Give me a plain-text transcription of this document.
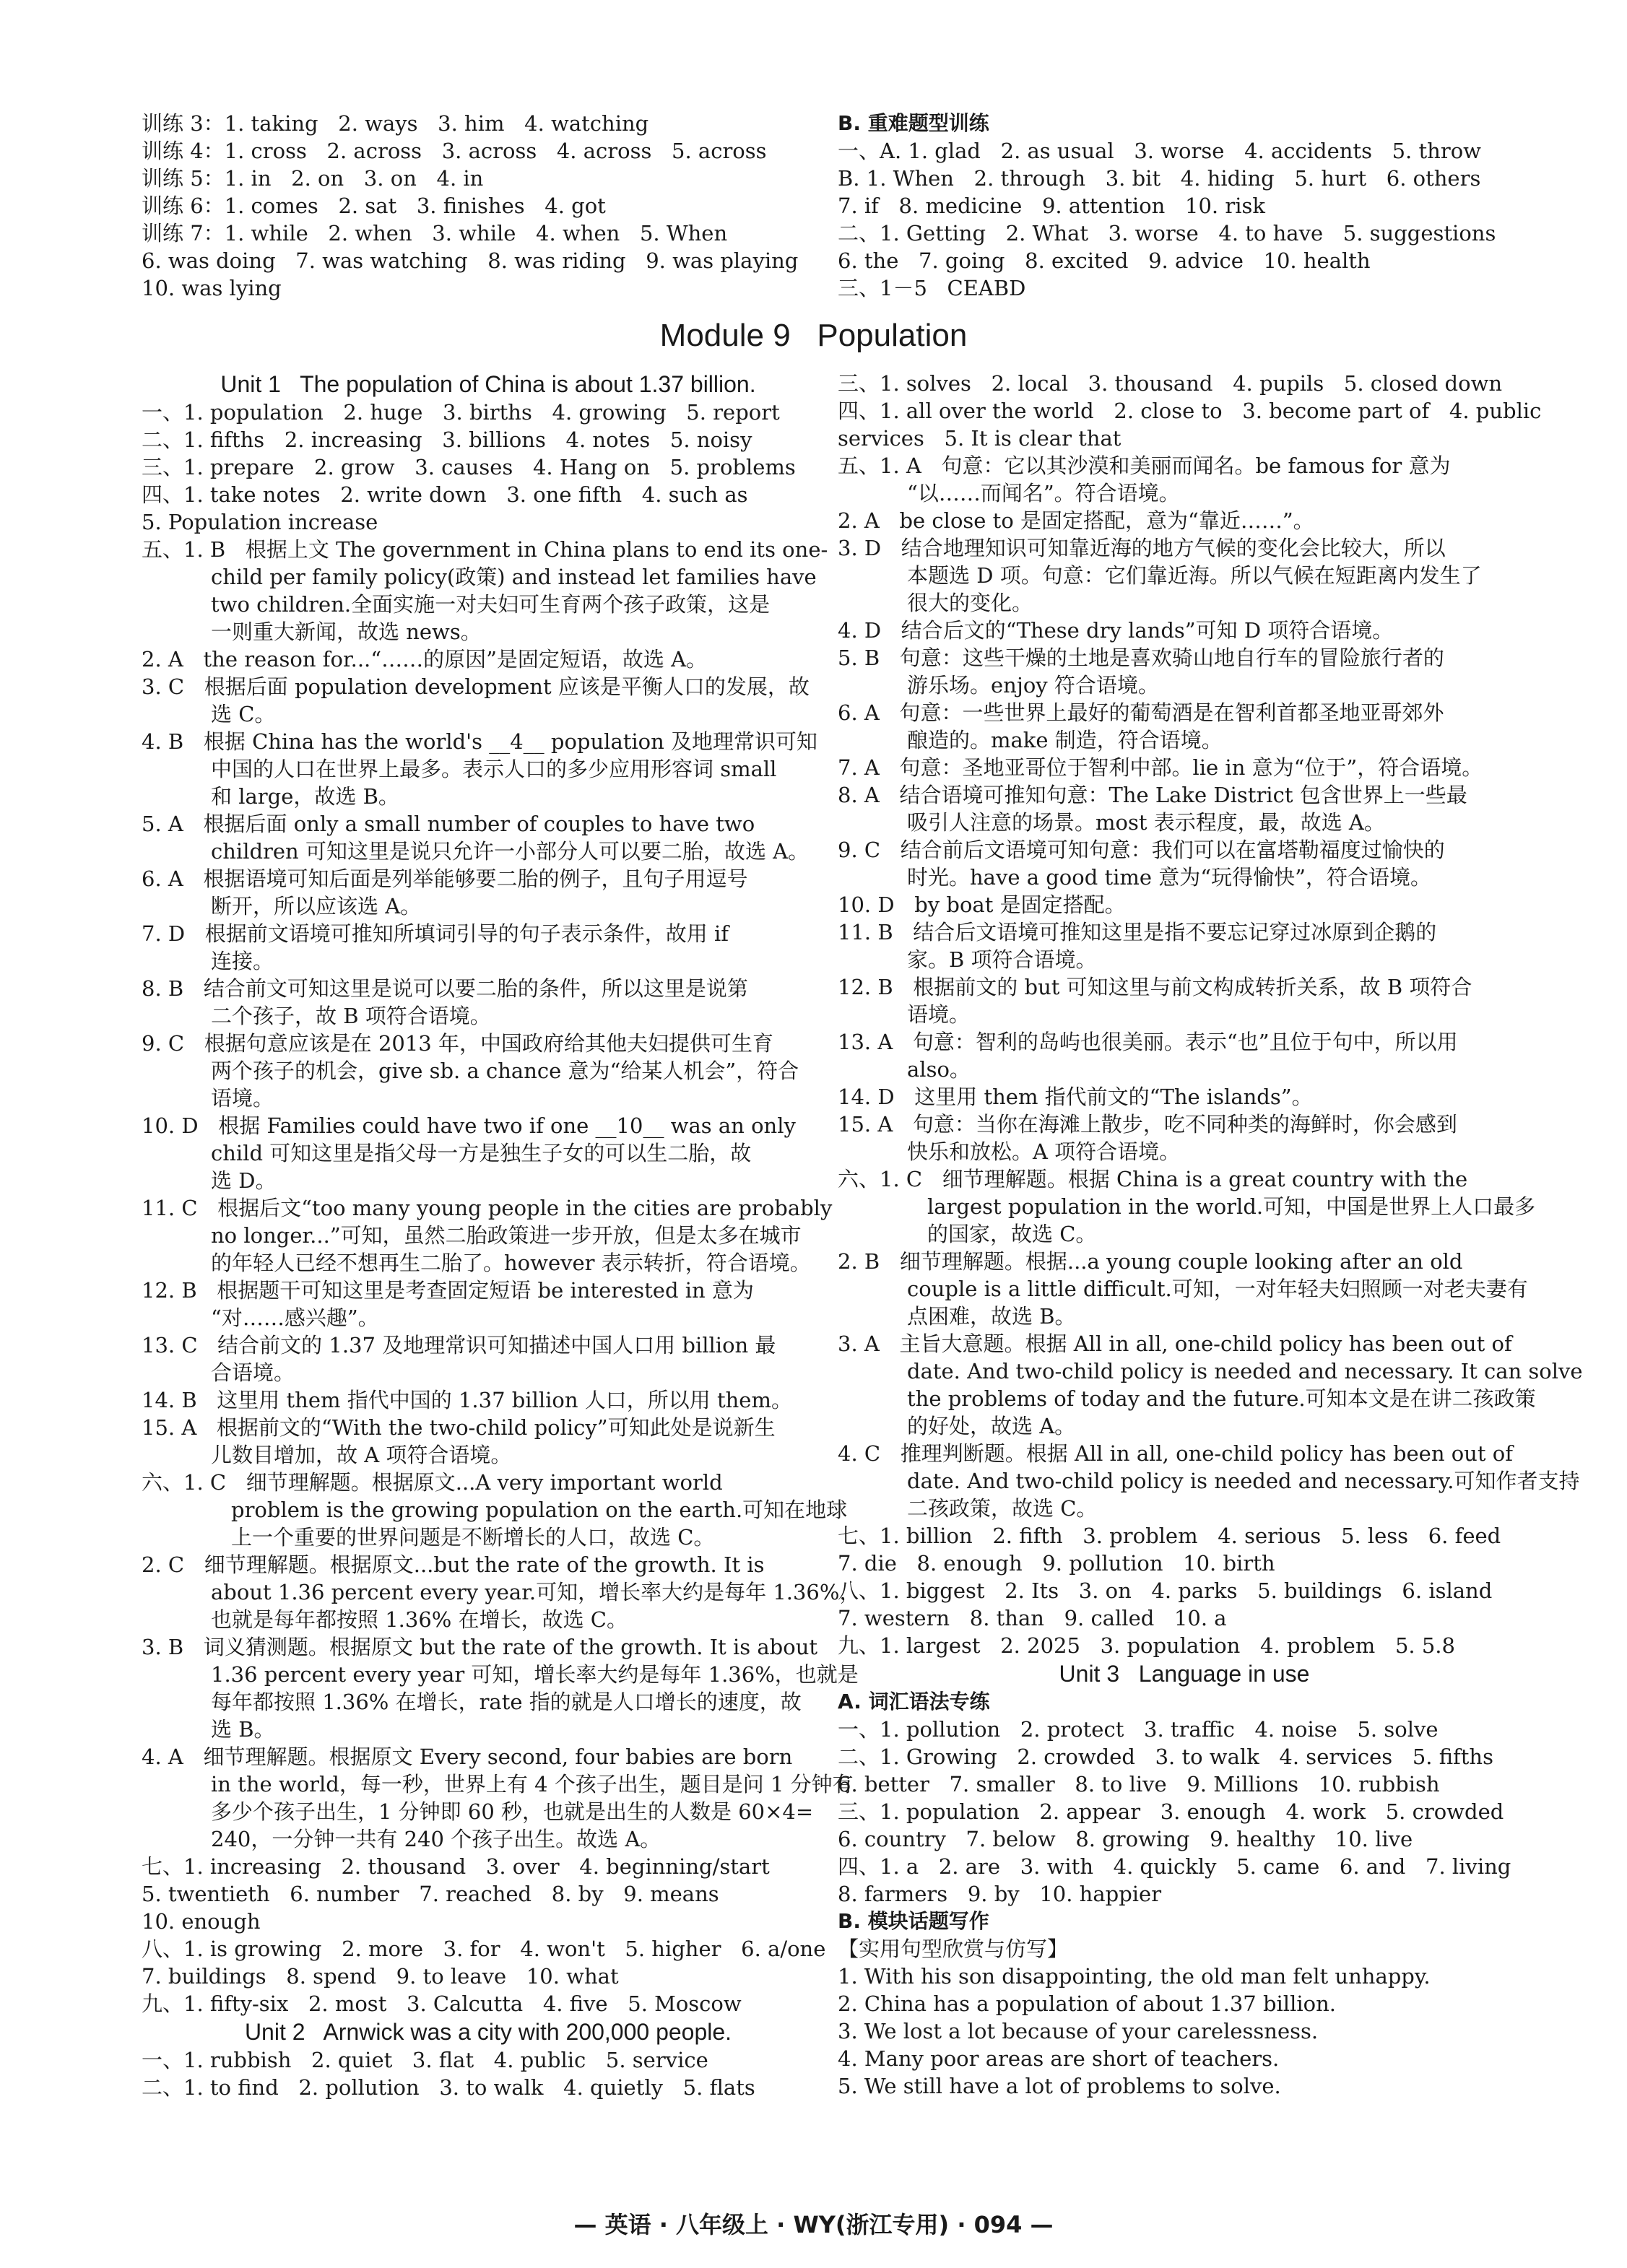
训练 3：1. taking   2. ways   3. him   4. watching
训练 4：1. cross   2. across   3. across   4. across   5. across
训练 5：1. in   2. on   3. on   4. in
训练 6：1. comes   2. sat   3. finishes   4. got
训练 7：1. while   2. when   3. while   4. when   5. When
6. was doing   7. was watching   8. was riding   9. was playing
10. was lying
B. 重难题型训练
一、A. 1. glad   2. as usual   3. worse   4. accidents   5. throw
B. 1. When   2. through   3. bit   4. hiding   5. hurt   6. others
7. if   8. medicine   9. attention   10. risk
二、1. Getting   2. What   3. worse   4. to have   5. suggestions
6. the   7. going   8. excited   9. advice   10. health
三、1－5   CEABD
Module 9   Population
Unit 1   The population of China is about 1.37 billion.
一、1. population   2. huge   3. births   4. growing   5. report
二、1. fifths   2. increasing   3. billions   4. notes   5. noisy
三、1. prepare   2. grow   3. causes   4. Hang on   5. problems
四、1. take notes   2. write down   3. one fifth   4. such as
5. Population increase
五、1. B   根据上文 The government in China plans to end its one-
child per family policy(政策) and instead let families have
two children.全面实施一对夫妇可生育两个孩子政策，这是
一则重大新闻，故选 news。
2. A   the reason for...“……的原因”是固定短语，故选 A。
3. C   根据后面 population development 应该是平衡人口的发展，故
选 C。
4. B   根据 China has the world's __4__ population 及地理常识可知
中国的人口在世界上最多。表示人口的多少应用形容词 small
和 large，故选 B。
5. A   根据后面 only a small number of couples to have two
children 可知这里是说只允许一小部分人可以要二胎，故选 A。
6. A   根据语境可知后面是列举能够要二胎的例子，且句子用逗号
断开，所以应该选 A。
7. D   根据前文语境可推知所填词引导的句子表示条件，故用 if
连接。
8. B   结合前文可知这里是说可以要二胎的条件，所以这里是说第
二个孩子，故 B 项符合语境。
9. C   根据句意应该是在 2013 年，中国政府给其他夫妇提供可生育
两个孩子的机会，give sb. a chance 意为“给某人机会”，符合
语境。
10. D   根据 Families could have two if one __10__ was an only
child 可知这里是指父母一方是独生子女的可以生二胎，故
选 D。
11. C   根据后文“too many young people in the cities are probably
no longer...”可知，虽然二胎政策进一步开放，但是太多在城市
的年轻人已经不想再生二胎了。however 表示转折，符合语境。
12. B   根据题干可知这里是考查固定短语 be interested in 意为
“对……感兴趣”。
13. C   结合前文的 1.37 及地理常识可知描述中国人口用 billion 最
合语境。
14. B   这里用 them 指代中国的 1.37 billion 人口，所以用 them。
15. A   根据前文的“With the two-child policy”可知此处是说新生
儿数目增加，故 A 项符合语境。
六、1. C   细节理解题。根据原文...A very important world
problem is the growing population on the earth.可知在地球
上一个重要的世界问题是不断增长的人口，故选 C。
2. C   细节理解题。根据原文...but the rate of the growth. It is
about 1.36 percent every year.可知，增长率大约是每年 1.36%，
也就是每年都按照 1.36% 在增长，故选 C。
3. B   词义猜测题。根据原文 but the rate of the growth. It is about
1.36 percent every year 可知，增长率大约是每年 1.36%，也就是
每年都按照 1.36% 在增长，rate 指的就是人口增长的速度，故
选 B。
4. A   细节理解题。根据原文 Every second, four babies are born
in the world，每一秒，世界上有 4 个孩子出生，题目是问 1 分钟有
多少个孩子出生，1 分钟即 60 秒，也就是出生的人数是 60×4=
240，一分钟一共有 240 个孩子出生。故选 A。
七、1. increasing   2. thousand   3. over   4. beginning/start
5. twentieth   6. number   7. reached   8. by   9. means
10. enough
八、1. is growing   2. more   3. for   4. won't   5. higher   6. a/one
7. buildings   8. spend   9. to leave   10. what
九、1. fifty-six   2. most   3. Calcutta   4. five   5. Moscow
Unit 2   Arnwick was a city with 200,000 people.
一、1. rubbish   2. quiet   3. flat   4. public   5. service
二、1. to find   2. pollution   3. to walk   4. quietly   5. flats
三、1. solves   2. local   3. thousand   4. pupils   5. closed down
四、1. all over the world   2. close to   3. become part of   4. public
services   5. It is clear that
五、1. A   句意：它以其沙漠和美丽而闻名。be famous for 意为
“以……而闻名”。符合语境。
2. A   be close to 是固定搭配，意为“靠近……”。
3. D   结合地理知识可知靠近海的地方气候的变化会比较大，所以
本题选 D 项。句意：它们靠近海。所以气候在短距离内发生了
很大的变化。
4. D   结合后文的“These dry lands”可知 D 项符合语境。
5. B   句意：这些干燥的土地是喜欢骑山地自行车的冒险旅行者的
游乐场。enjoy 符合语境。
6. A   句意：一些世界上最好的葡萄酒是在智利首都圣地亚哥郊外
酿造的。make 制造，符合语境。
7. A   句意：圣地亚哥位于智利中部。lie in 意为“位于”，符合语境。
8. A   结合语境可推知句意：The Lake District 包含世界上一些最
吸引人注意的场景。most 表示程度，最，故选 A。
9. C   结合前后文语境可知句意：我们可以在富塔勒福度过愉快的
时光。have a good time 意为“玩得愉快”，符合语境。
10. D   by boat 是固定搭配。
11. B   结合后文语境可推知这里是指不要忘记穿过冰原到企鹅的
家。B 项符合语境。
12. B   根据前文的 but 可知这里与前文构成转折关系，故 B 项符合
语境。
13. A   句意：智利的岛屿也很美丽。表示“也”且位于句中，所以用
also。
14. D   这里用 them 指代前文的“The islands”。
15. A   句意：当你在海滩上散步，吃不同种类的海鲜时，你会感到
快乐和放松。A 项符合语境。
六、1. C   细节理解题。根据 China is a great country with the
largest population in the world.可知，中国是世界上人口最多
的国家，故选 C。
2. B   细节理解题。根据...a young couple looking after an old
couple is a little difficult.可知，一对年轻夫妇照顾一对老夫妻有
点困难，故选 B。
3. A   主旨大意题。根据 All in all, one-child policy has been out of
date. And two-child policy is needed and necessary. It can solve
the problems of today and the future.可知本文是在讲二孩政策
的好处，故选 A。
4. C   推理判断题。根据 All in all, one-child policy has been out of
date. And two-child policy is needed and necessary.可知作者支持
二孩政策，故选 C。
七、1. billion   2. fifth   3. problem   4. serious   5. less   6. feed
7. die   8. enough   9. pollution   10. birth
八、1. biggest   2. Its   3. on   4. parks   5. buildings   6. island
7. western   8. than   9. called   10. a
九、1. largest   2. 2025   3. population   4. problem   5. 5.8
Unit 3   Language in use
A. 词汇语法专练
一、1. pollution   2. protect   3. traffic   4. noise   5. solve
二、1. Growing   2. crowded   3. to walk   4. services   5. fifths
6. better   7. smaller   8. to live   9. Millions   10. rubbish
三、1. population   2. appear   3. enough   4. work   5. crowded
6. country   7. below   8. growing   9. healthy   10. live
四、1. a   2. are   3. with   4. quickly   5. came   6. and   7. living
8. farmers   9. by   10. happier
B. 模块话题写作
【实用句型欣赏与仿写】
1. With his son disappointing, the old man felt unhappy.
2. China has a population of about 1.37 billion.
3. We lost a lot because of your carelessness.
4. Many poor areas are short of teachers.
5. We still have a lot of problems to solve.
— 英语 · 八年级上 · WY(浙江专用) · 094 —
